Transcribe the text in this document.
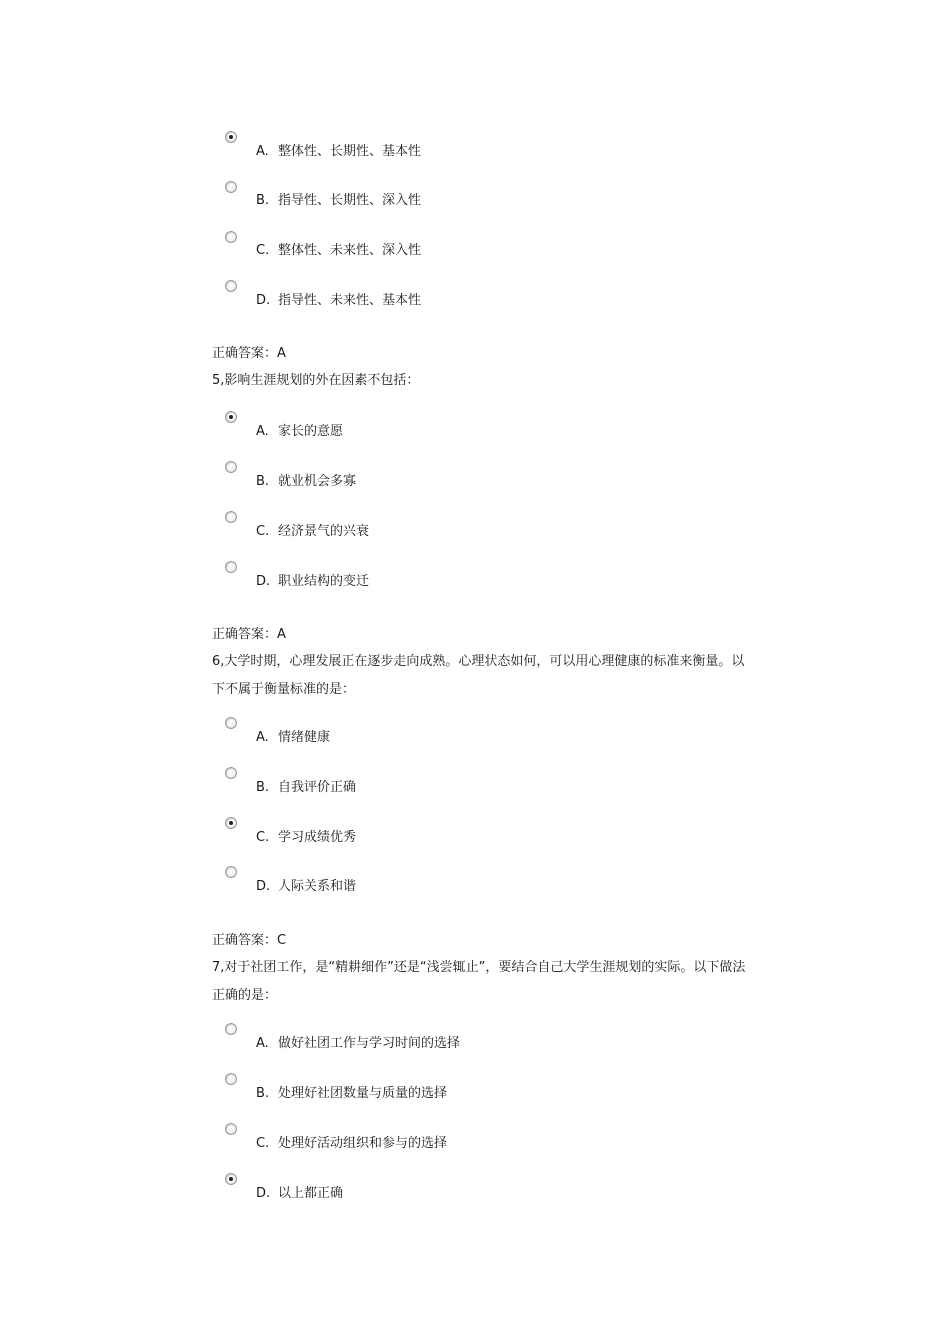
A. 整体性、长期性、基本性
B. 指导性、长期性、深入性
C. 整体性、未来性、深入性
D. 指导性、未来性、基本性
正确答案：A
5,影响生涯规划的外在因素不包括：
A. 家长的意愿
B. 就业机会多寡
C. 经济景气的兴衰
D. 职业结构的变迁
正确答案：A
6,大学时期，心理发展正在逐步走向成熟。心理状态如何，可以用心理健康的标准来衡量。以下不属于衡量标准的是：
A. 情绪健康
B. 自我评价正确
C. 学习成绩优秀
D. 人际关系和谐
正确答案：C
7,对于社团工作，是“精耕细作”还是“浅尝辄止”，要结合自己大学生涯规划的实际。以下做法正确的是：
A. 做好社团工作与学习时间的选择
B. 处理好社团数量与质量的选择
C. 处理好活动组织和参与的选择
D. 以上都正确
